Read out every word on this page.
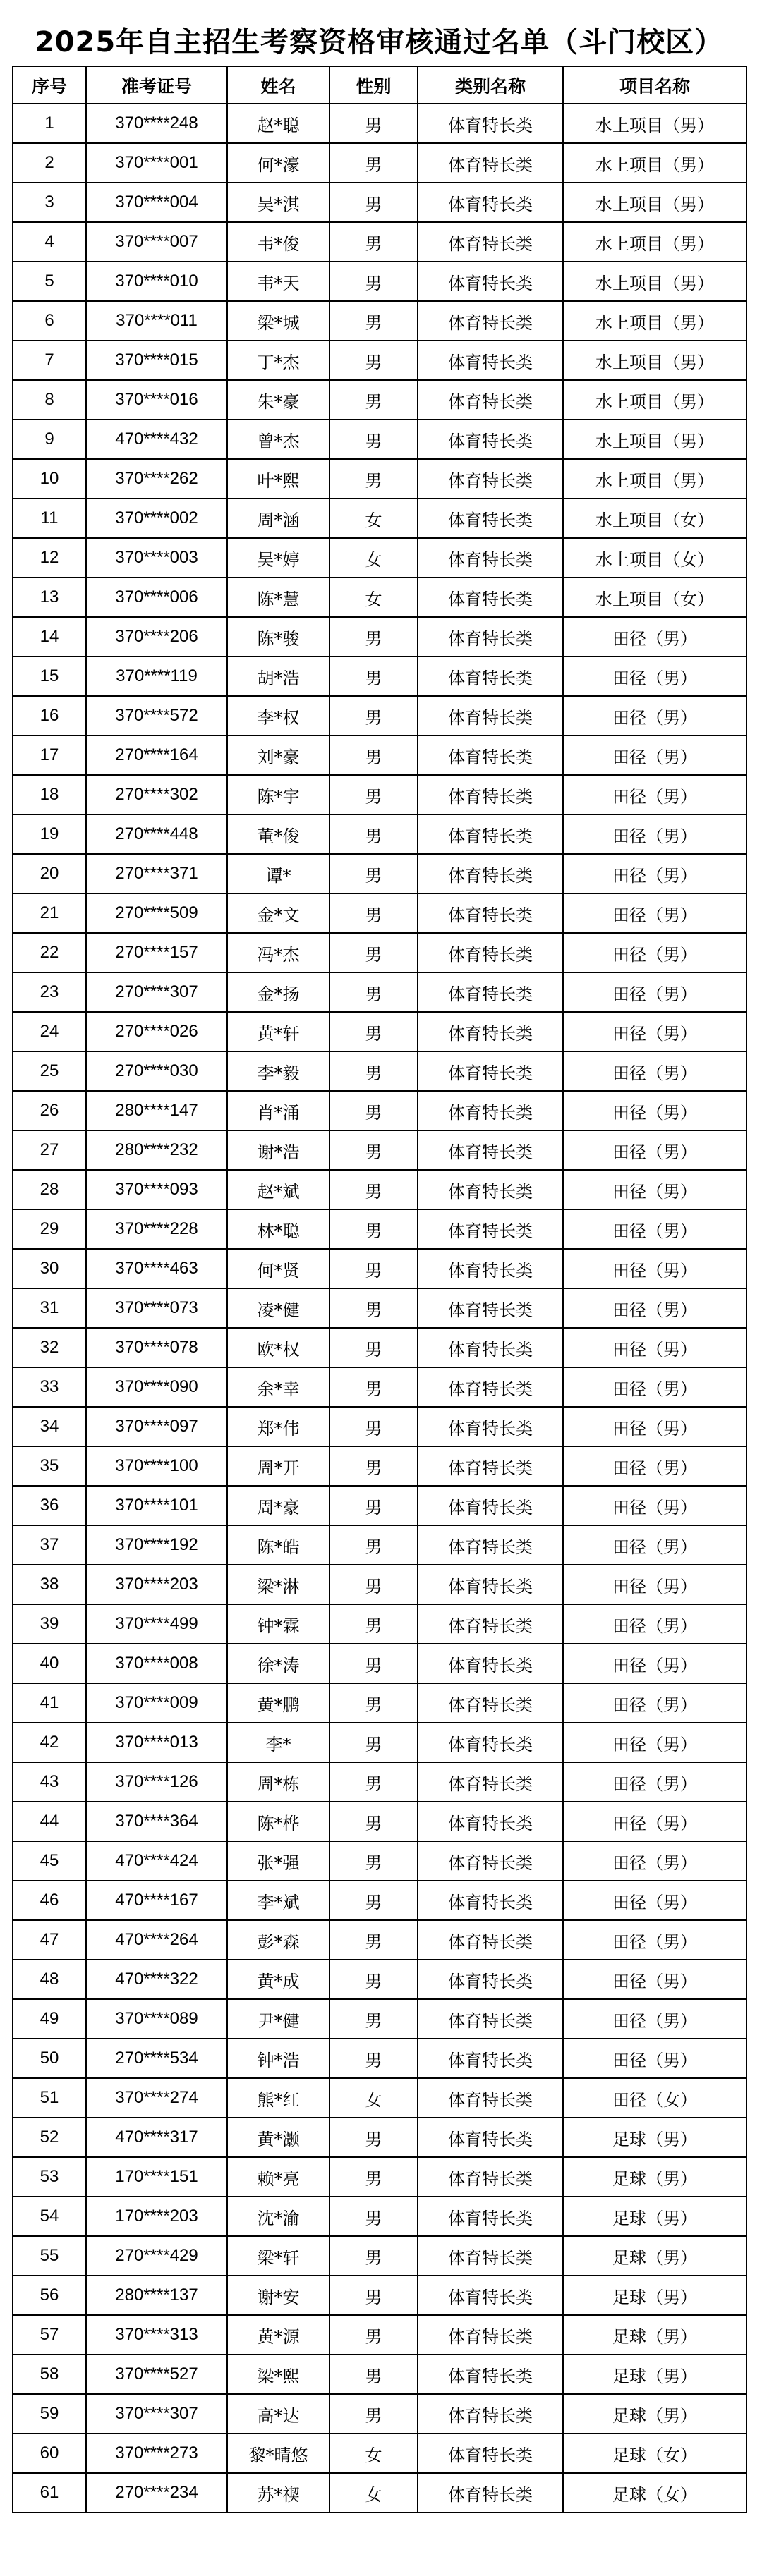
2025年自主招生考察资格审核通过名单（斗门校区）
序号	准考证号	姓名	性别	类别名称	项目名称
1	370****248	赵*聪	男	体育特长类	水上项目（男）
2	370****001	何*濠	男	体育特长类	水上项目（男）
3	370****004	吴*淇	男	体育特长类	水上项目（男）
4	370****007	韦*俊	男	体育特长类	水上项目（男）
5	370****010	韦*天	男	体育特长类	水上项目（男）
6	370****011	梁*城	男	体育特长类	水上项目（男）
7	370****015	丁*杰	男	体育特长类	水上项目（男）
8	370****016	朱*豪	男	体育特长类	水上项目（男）
9	470****432	曾*杰	男	体育特长类	水上项目（男）
10	370****262	叶*熙	男	体育特长类	水上项目（男）
11	370****002	周*涵	女	体育特长类	水上项目（女）
12	370****003	吴*婷	女	体育特长类	水上项目（女）
13	370****006	陈*慧	女	体育特长类	水上项目（女）
14	370****206	陈*骏	男	体育特长类	田径（男）
15	370****119	胡*浩	男	体育特长类	田径（男）
16	370****572	李*权	男	体育特长类	田径（男）
17	270****164	刘*豪	男	体育特长类	田径（男）
18	270****302	陈*宇	男	体育特长类	田径（男）
19	270****448	董*俊	男	体育特长类	田径（男）
20	270****371	谭*	男	体育特长类	田径（男）
21	270****509	金*文	男	体育特长类	田径（男）
22	270****157	冯*杰	男	体育特长类	田径（男）
23	270****307	金*扬	男	体育特长类	田径（男）
24	270****026	黄*轩	男	体育特长类	田径（男）
25	270****030	李*毅	男	体育特长类	田径（男）
26	280****147	肖*涌	男	体育特长类	田径（男）
27	280****232	谢*浩	男	体育特长类	田径（男）
28	370****093	赵*斌	男	体育特长类	田径（男）
29	370****228	林*聪	男	体育特长类	田径（男）
30	370****463	何*贤	男	体育特长类	田径（男）
31	370****073	凌*健	男	体育特长类	田径（男）
32	370****078	欧*权	男	体育特长类	田径（男）
33	370****090	余*幸	男	体育特长类	田径（男）
34	370****097	郑*伟	男	体育特长类	田径（男）
35	370****100	周*开	男	体育特长类	田径（男）
36	370****101	周*豪	男	体育特长类	田径（男）
37	370****192	陈*皓	男	体育特长类	田径（男）
38	370****203	梁*淋	男	体育特长类	田径（男）
39	370****499	钟*霖	男	体育特长类	田径（男）
40	370****008	徐*涛	男	体育特长类	田径（男）
41	370****009	黄*鹏	男	体育特长类	田径（男）
42	370****013	李*	男	体育特长类	田径（男）
43	370****126	周*栋	男	体育特长类	田径（男）
44	370****364	陈*桦	男	体育特长类	田径（男）
45	470****424	张*强	男	体育特长类	田径（男）
46	470****167	李*斌	男	体育特长类	田径（男）
47	470****264	彭*森	男	体育特长类	田径（男）
48	470****322	黄*成	男	体育特长类	田径（男）
49	370****089	尹*健	男	体育特长类	田径（男）
50	270****534	钟*浩	男	体育特长类	田径（男）
51	370****274	熊*红	女	体育特长类	田径（女）
52	470****317	黄*灏	男	体育特长类	足球（男）
53	170****151	赖*亮	男	体育特长类	足球（男）
54	170****203	沈*渝	男	体育特长类	足球（男）
55	270****429	梁*轩	男	体育特长类	足球（男）
56	280****137	谢*安	男	体育特长类	足球（男）
57	370****313	黄*源	男	体育特长类	足球（男）
58	370****527	梁*熙	男	体育特长类	足球（男）
59	370****307	高*达	男	体育特长类	足球（男）
60	370****273	黎*晴悠	女	体育特长类	足球（女）
61	270****234	苏*禊	女	体育特长类	足球（女）
